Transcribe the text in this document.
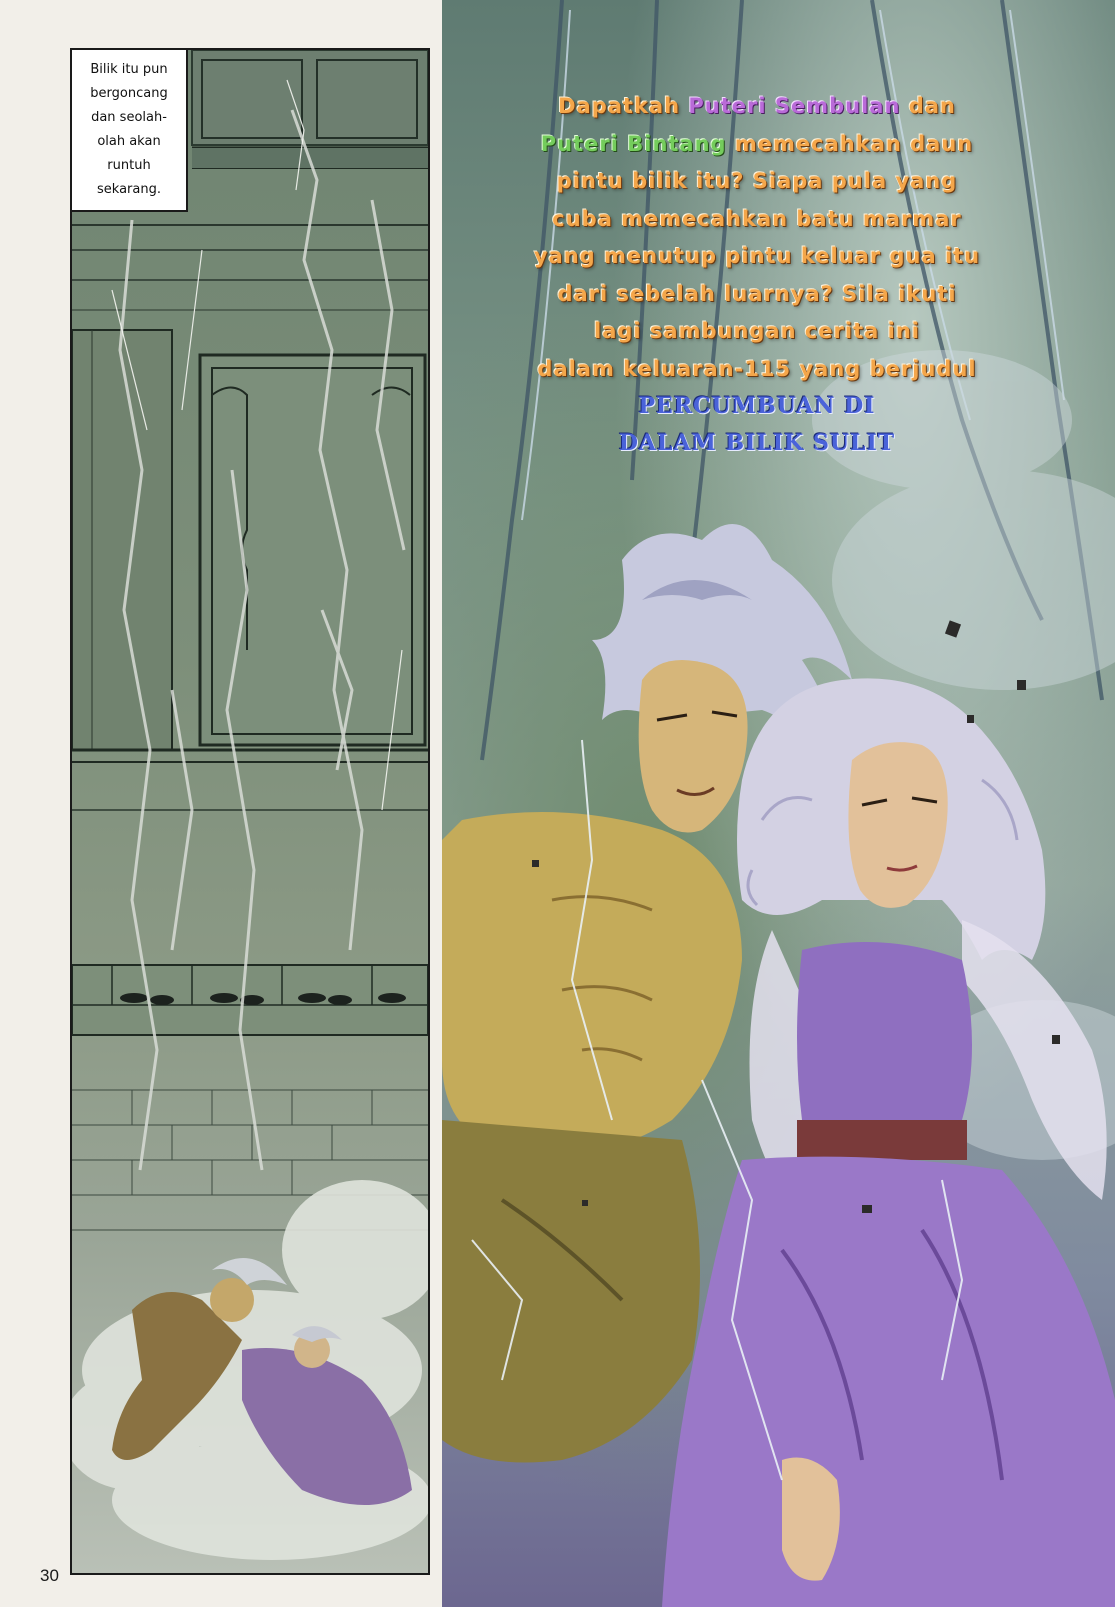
Bilik itu pun
bergoncang
dan seolah-
olah akan
runtuh
sekarang.
Dapatkah Puteri Sembulan dan
Puteri Bintang memecahkan daun
pintu bilik itu? Siapa pula yang
cuba memecahkan batu marmar
yang menutup pintu keluar gua itu
dari sebelah luarnya? Sila ikuti
lagi sambungan cerita ini
dalam keluaran-115 yang berjudul
PERCUMBUAN DI
DALAM BILIK SULIT
30
